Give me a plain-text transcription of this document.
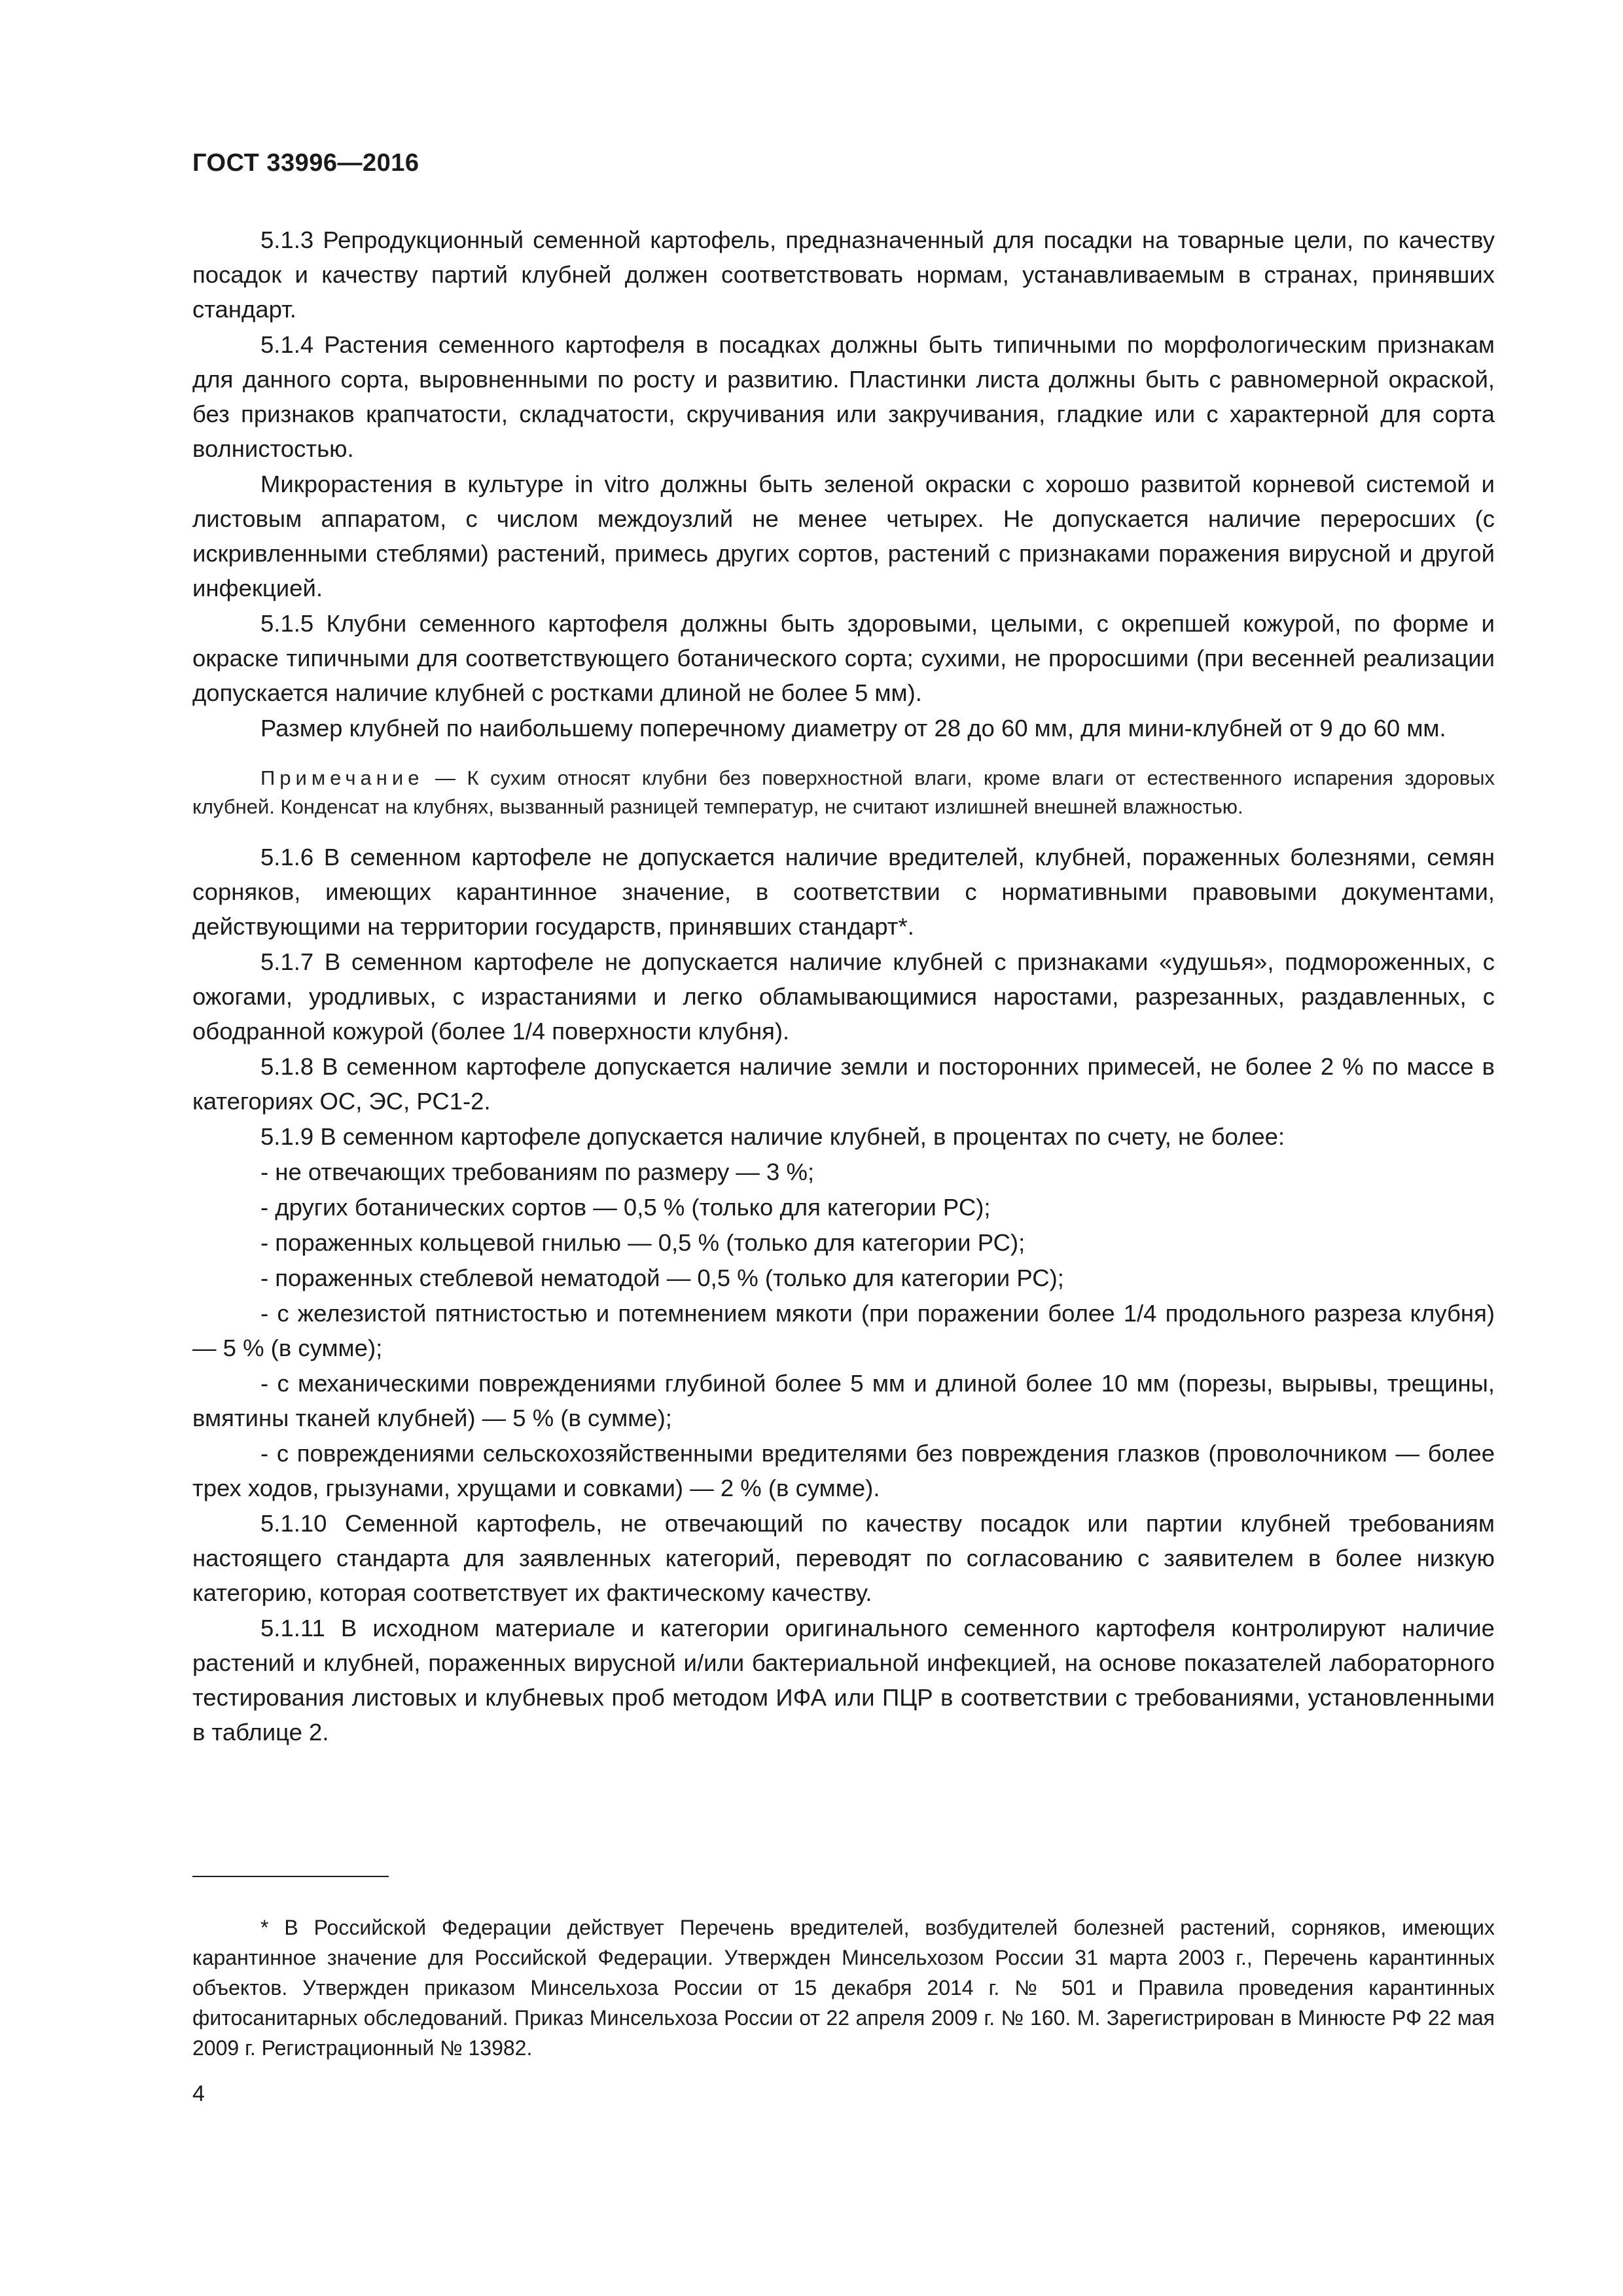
ГОСТ 33996—2016

5.1.3 Репродукционный семенной картофель, предназначенный для посадки на товарные цели, по качеству посадок и качеству партий клубней должен соответствовать нормам, устанавливаемым в странах, принявших стандарт.

5.1.4 Растения семенного картофеля в посадках должны быть типичными по морфологическим признакам для данного сорта, выровненными по росту и развитию. Пластинки листа должны быть с равномерной окраской, без признаков крапчатости, складчатости, скручивания или закручивания, гладкие или с характерной для сорта волнистостью.

Микрорастения в культуре in vitro должны быть зеленой окраски с хорошо развитой корневой системой и листовым аппаратом, с числом междоузлий не менее четырех. Не допускается наличие переросших (с искривленными стеблями) растений, примесь других сортов, растений с признаками поражения вирусной и другой инфекцией.

5.1.5 Клубни семенного картофеля должны быть здоровыми, целыми, с окрепшей кожурой, по форме и окраске типичными для соответствующего ботанического сорта; сухими, не проросшими (при весенней реализации допускается наличие клубней с ростками длиной не более 5 мм).

Размер клубней по наибольшему поперечному диаметру от 28 до 60 мм, для мини-клубней от 9 до 60 мм.

Примечание — К сухим относят клубни без поверхностной влаги, кроме влаги от естественного испарения здоровых клубней. Конденсат на клубнях, вызванный разницей температур, не считают излишней внешней влажностью.

5.1.6 В семенном картофеле не допускается наличие вредителей, клубней, пораженных болезнями, семян сорняков, имеющих карантинное значение, в соответствии с нормативными правовыми документами, действующими на территории государств, принявших стандарт*.

5.1.7 В семенном картофеле не допускается наличие клубней с признаками «удушья», подмороженных, с ожогами, уродливых, с израстаниями и легко обламывающимися наростами, разрезанных, раздавленных, с ободранной кожурой (более 1/4 поверхности клубня).

5.1.8 В семенном картофеле допускается наличие земли и посторонних примесей, не более 2 % по массе в категориях ОС, ЭС, РС1-2.

5.1.9 В семенном картофеле допускается наличие клубней, в процентах по счету, не более:

- не отвечающих требованиям по размеру — 3 %;

- других ботанических сортов — 0,5 % (только для категории РС);

- пораженных кольцевой гнилью — 0,5 % (только для категории РС);

- пораженных стеблевой нематодой — 0,5 % (только для категории РС);

- с железистой пятнистостью и потемнением мякоти (при поражении более 1/4 продольного разреза клубня) — 5 % (в сумме);

- с механическими повреждениями глубиной более 5 мм и длиной более 10 мм (порезы, вырывы, трещины, вмятины тканей клубней) — 5 % (в сумме);

- с повреждениями сельскохозяйственными вредителями без повреждения глазков (проволочником — более трех ходов, грызунами, хрущами и совками) — 2 % (в сумме).

5.1.10 Семенной картофель, не отвечающий по качеству посадок или партии клубней требованиям настоящего стандарта для заявленных категорий, переводят по согласованию с заявителем в более низкую категорию, которая соответствует их фактическому качеству.

5.1.11 В исходном материале и категории оригинального семенного картофеля контролируют наличие растений и клубней, пораженных вирусной и/или бактериальной инфекцией, на основе показателей лабораторного тестирования листовых и клубневых проб методом ИФА или ПЦР в соответствии с требованиями, установленными в таблице 2.

* В Российской Федерации действует Перечень вредителей, возбудителей болезней растений, сорняков, имеющих карантинное значение для Российской Федерации. Утвержден Минсельхозом России 31 марта 2003 г., Перечень карантинных объектов. Утвержден приказом Минсельхоза России от 15 декабря 2014 г. № 501 и Правила проведения карантинных фитосанитарных обследований. Приказ Минсельхоза России от 22 апреля 2009 г. № 160. М. Зарегистрирован в Минюсте РФ 22 мая 2009 г. Регистрационный № 13982.

4
